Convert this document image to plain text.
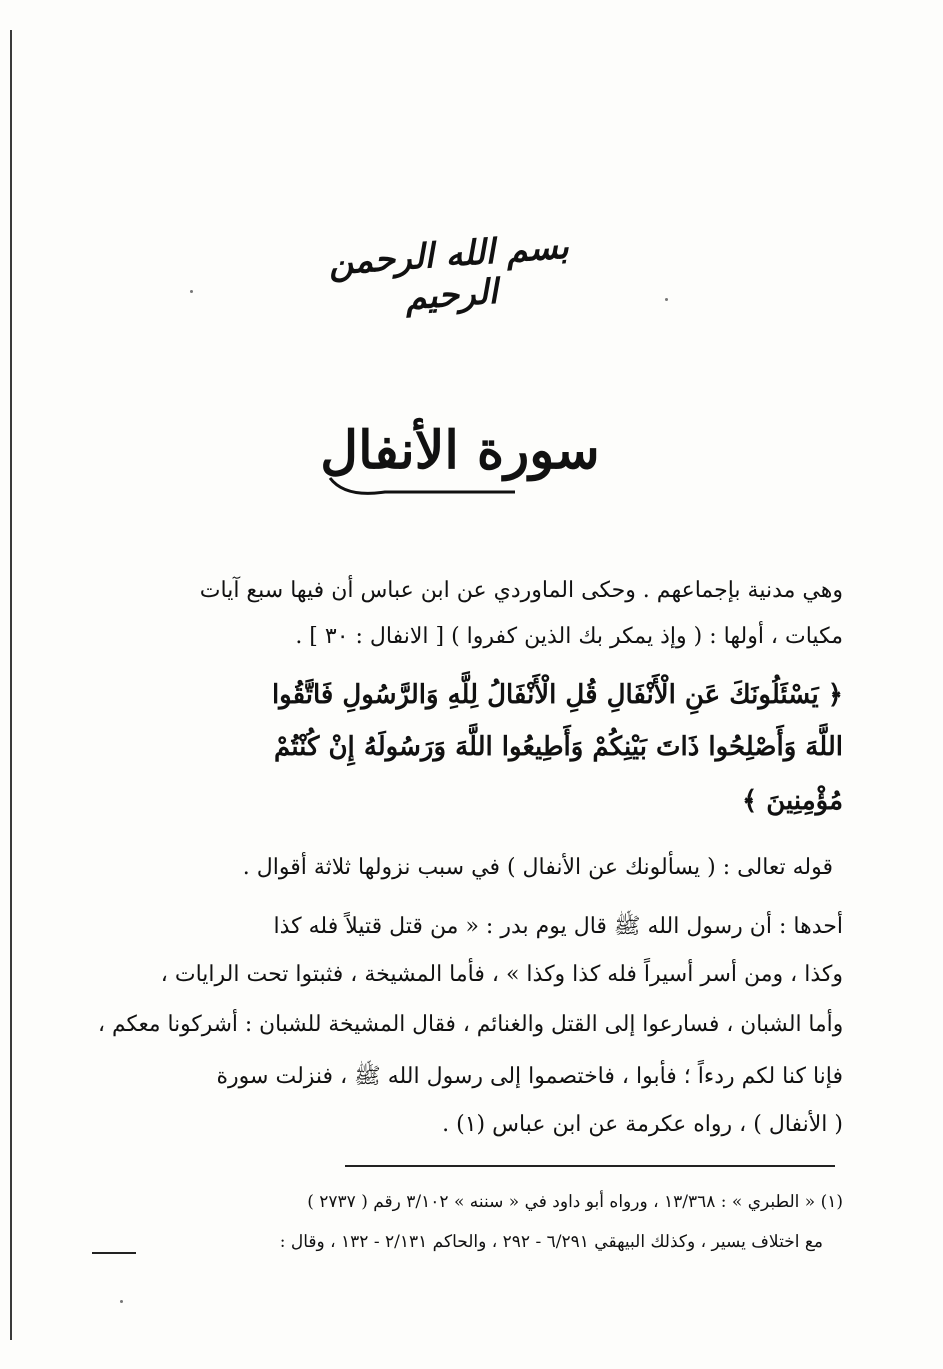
بسم الله الرحمن الرحيم
سورة الأنفال
وهي مدنية بإجماعهم . وحكى الماوردي عن ابن عباس أن فيها سبع آيات
مكيات ، أولها : ( وإذ يمكر بك الذين كفروا ) [ الانفال : ٣٠ ] .
﴿ يَسْئَلُونَكَ عَنِ الْأَنْفَالِ قُلِ الْأَنْفَالُ لِلَّهِ وَالرَّسُولِ فَاتَّقُوا
اللَّهَ وَأَصْلِحُوا ذَاتَ بَيْنِكُمْ وَأَطِيعُوا اللَّهَ وَرَسُولَهُ إِنْ كُنْتُمْ
مُؤْمِنِينَ ﴾
قوله تعالى : ( يسألونك عن الأنفال ) في سبب نزولها ثلاثة أقوال .
أحدها : أن رسول الله ﷺ قال يوم بدر : « من قتل قتيلاً فله كذا
وكذا ، ومن أسر أسيراً فله كذا وكذا » ، فأما المشيخة ، فثبتوا تحت الرايات ،
وأما الشبان ، فسارعوا إلى القتل والغنائم ، فقال المشيخة للشبان : أشركونا معكم ،
فإنا كنا لكم ردءاً ؛ فأبوا ، فاختصموا إلى رسول الله ﷺ ، فنزلت سورة
( الأنفال ) ، رواه عكرمة عن ابن عباس (١) .
(١) « الطبري » : ١٣/٣٦٨ ، ورواه أبو داود في « سننه » ٣/١٠٢ رقم ( ٢٧٣٧ )
مع اختلاف يسير ، وكذلك البيهقي ٦/٢٩١ - ٢٩٢ ، والحاكم ٢/١٣١ - ١٣٢ ، وقال :
